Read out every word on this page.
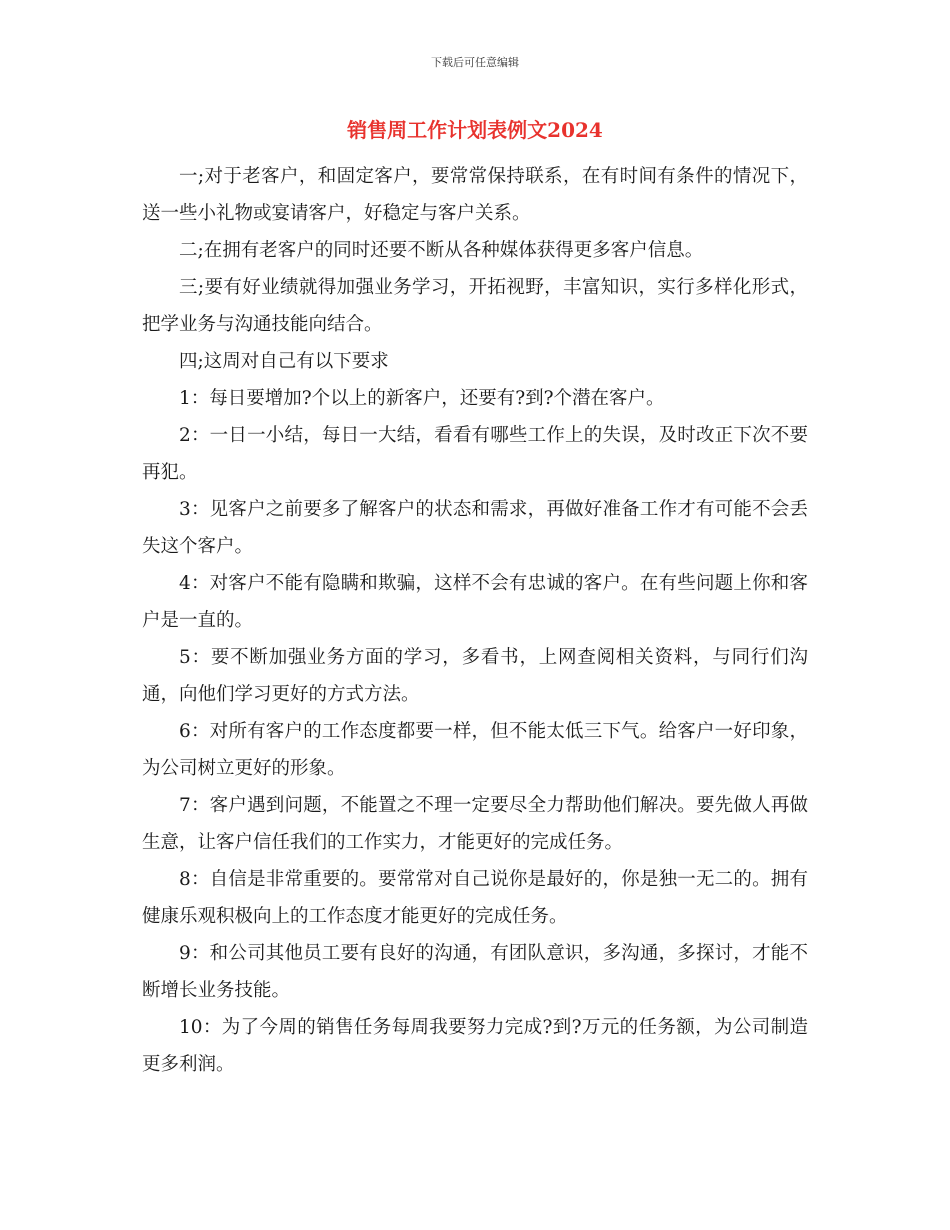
下载后可任意编辑
销售周工作计划表例文2024

一;对于老客户，和固定客户，要常常保持联系，在有时间有条件的情况下，送一些小礼物或宴请客户，好稳定与客户关系。

二;在拥有老客户的同时还要不断从各种媒体获得更多客户信息。

三;要有好业绩就得加强业务学习，开拓视野，丰富知识，实行多样化形式，把学业务与沟通技能向结合。

四;这周对自己有以下要求

1：每日要增加?个以上的新客户，还要有?到?个潜在客户。

2：一日一小结，每日一大结，看看有哪些工作上的失误，及时改正下次不要再犯。

3：见客户之前要多了解客户的状态和需求，再做好准备工作才有可能不会丢失这个客户。

4：对客户不能有隐瞒和欺骗，这样不会有忠诚的客户。在有些问题上你和客户是一直的。

5：要不断加强业务方面的学习，多看书，上网查阅相关资料，与同行们沟通，向他们学习更好的方式方法。

6：对所有客户的工作态度都要一样，但不能太低三下气。给客户一好印象，为公司树立更好的形象。

7：客户遇到问题，不能置之不理一定要尽全力帮助他们解决。要先做人再做生意，让客户信任我们的工作实力，才能更好的完成任务。

8：自信是非常重要的。要常常对自己说你是最好的，你是独一无二的。拥有健康乐观积极向上的工作态度才能更好的完成任务。

9：和公司其他员工要有良好的沟通，有团队意识，多沟通，多探讨，才能不断增长业务技能。

10：为了今周的销售任务每周我要努力完成?到?万元的任务额，为公司制造更多利润。
